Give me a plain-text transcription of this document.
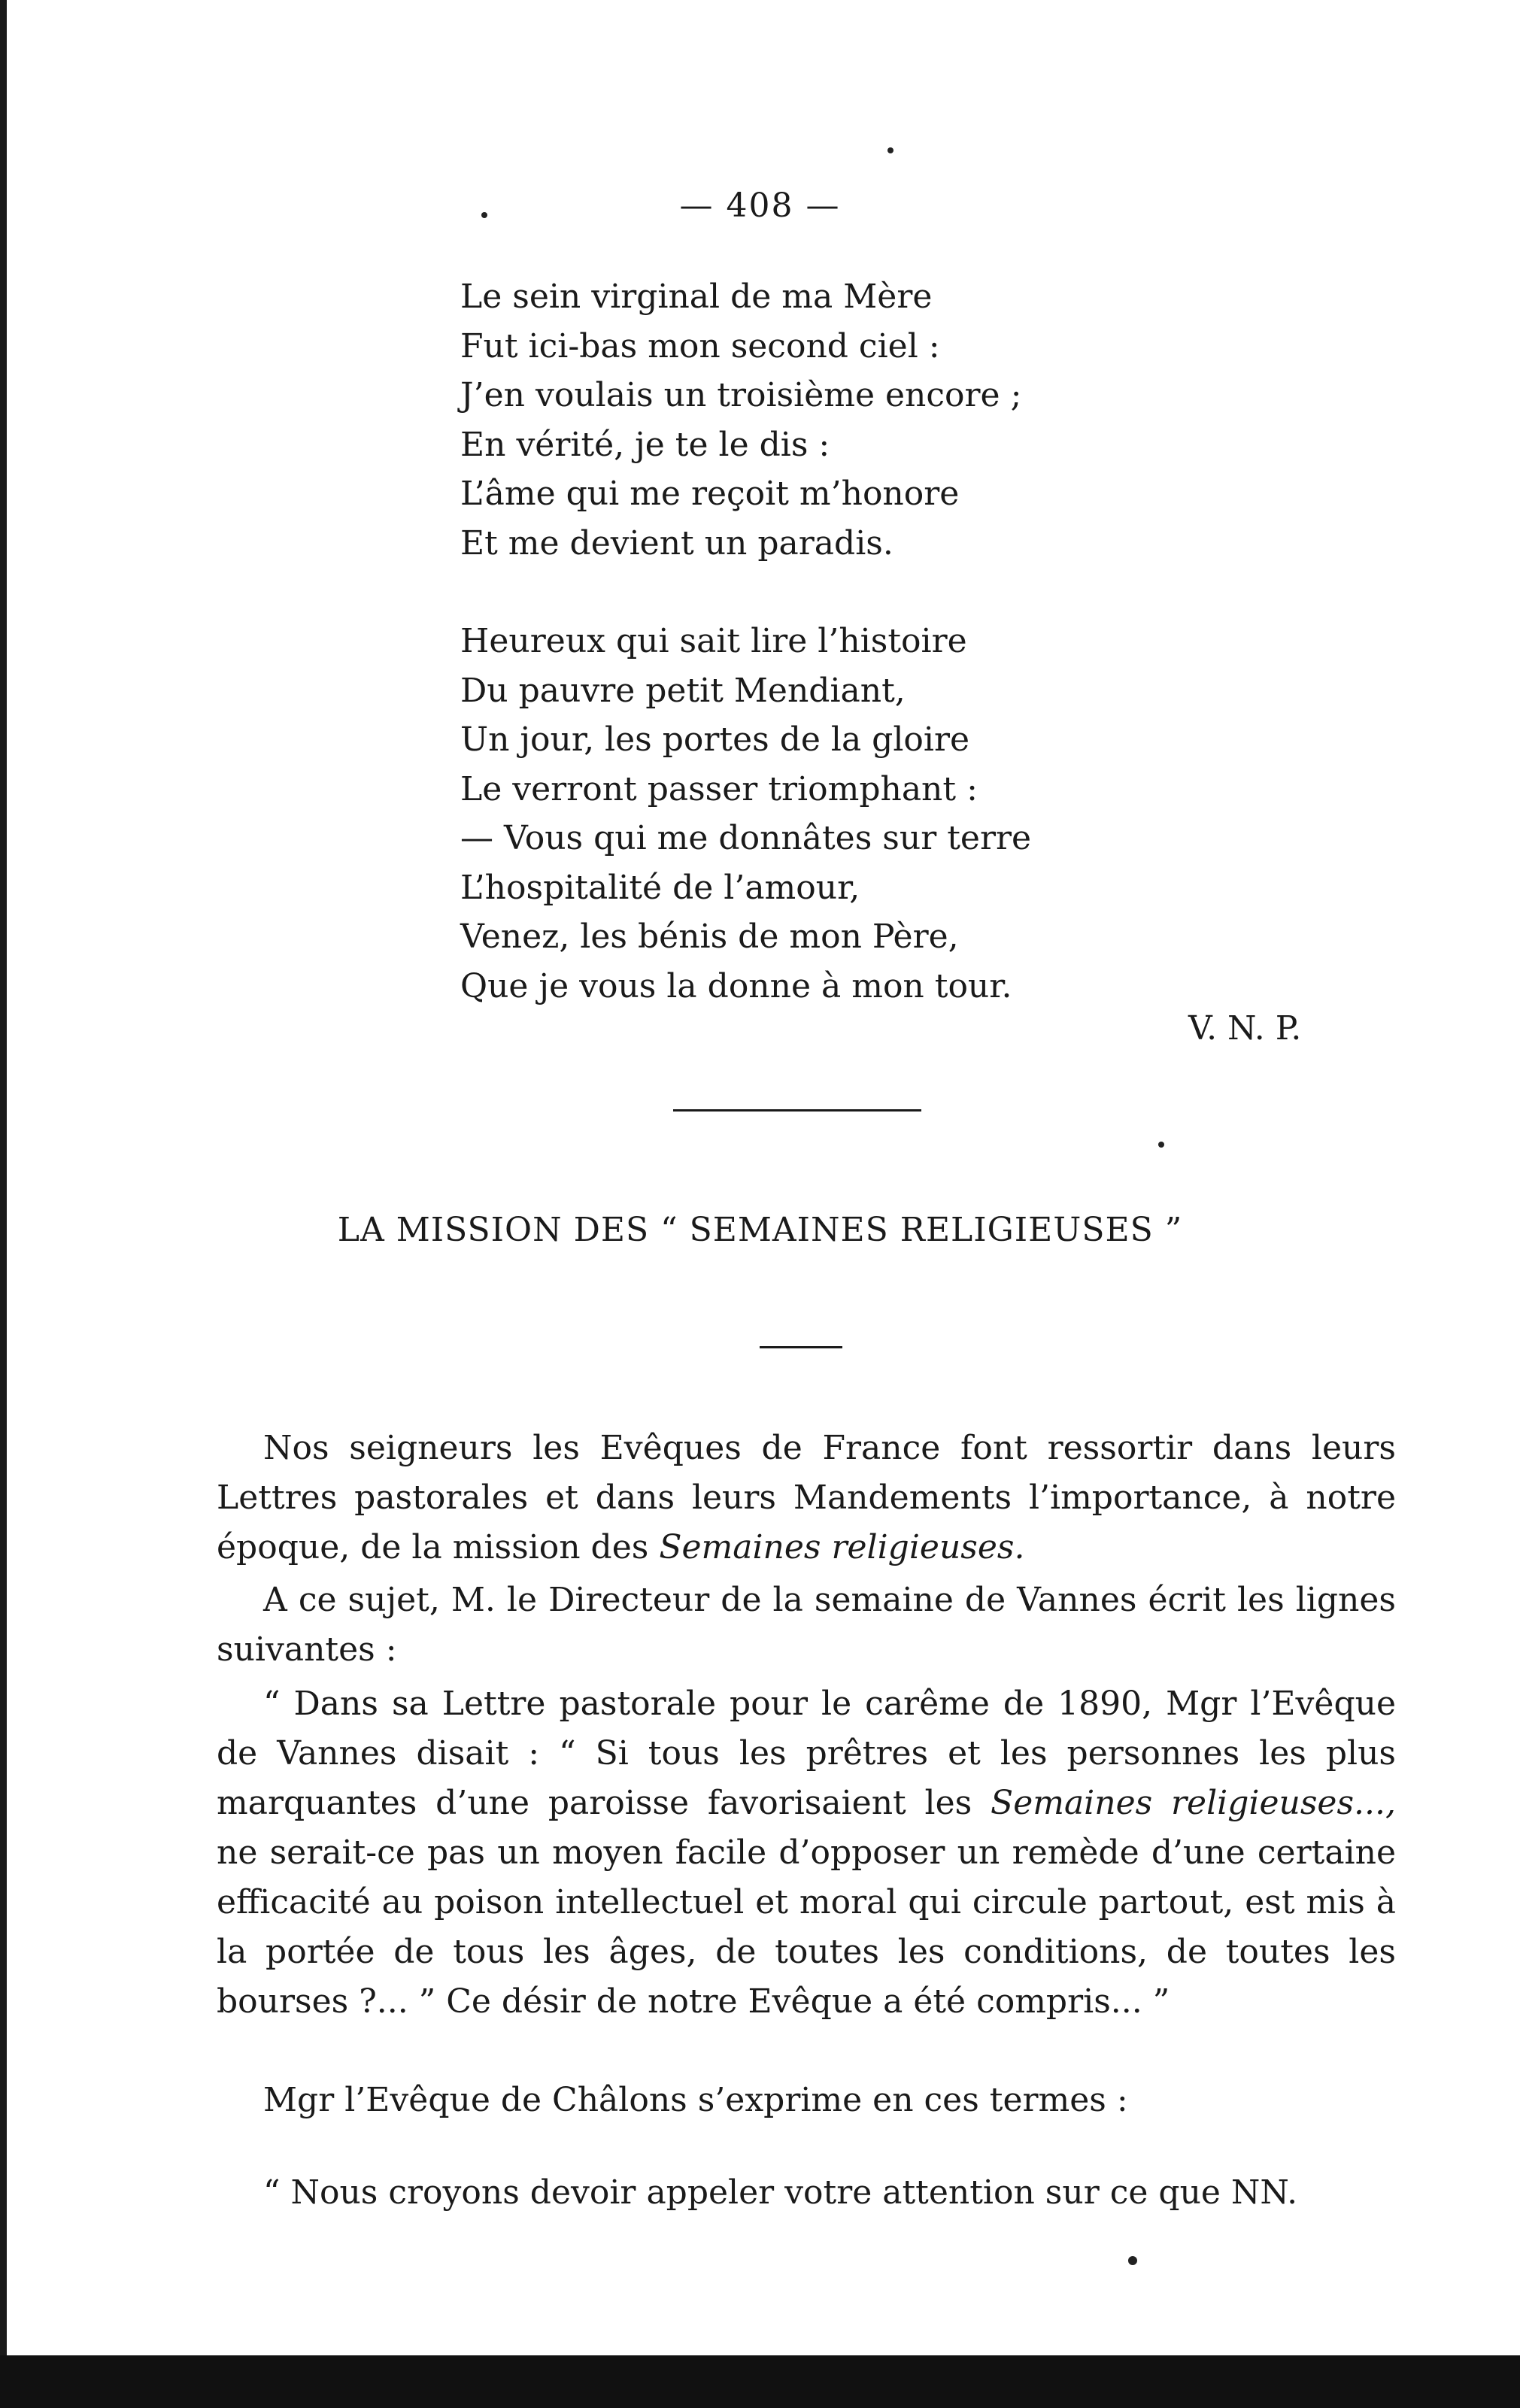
— 408 —
Le sein virginal de ma Mère
Fut ici-bas mon second ciel :
J’en voulais un troisième encore ;
En vérité, je te le dis :
L’âme qui me reçoit m’honore
Et me devient un paradis.
Heureux qui sait lire l’histoire
Du pauvre petit Mendiant,
Un jour, les portes de la gloire
Le verront passer triomphant :
— Vous qui me donnâtes sur terre
L’hospitalité de l’amour,
Venez, les bénis de mon Père,
Que je vous la donne à mon tour.
V. N. P.
LA MISSION DES “ SEMAINES RELIGIEUSES ”
Nos seigneurs les Evêques de France font ressortir dans leurs Lettres pastorales et dans leurs Mandements l’importance, à notre époque, de la mission des Semaines religieuses.
A ce sujet, M. le Directeur de la semaine de Vannes écrit les lignes suivantes :
“ Dans sa Lettre pastorale pour le carême de 1890, Mgr l’Evêque de Vannes disait : “ Si tous les prêtres et les personnes les plus marquantes d’une paroisse favorisaient les Semaines religieuses..., ne serait-ce pas un moyen facile d’opposer un remède d’une certaine efficacité au poison intellectuel et moral qui circule partout, est mis à la portée de tous les âges, de toutes les conditions, de toutes les bourses ?... ” Ce désir de notre Evêque a été compris... ”
Mgr l’Evêque de Châlons s’exprime en ces termes :
“ Nous croyons devoir appeler votre attention sur ce que NN.
